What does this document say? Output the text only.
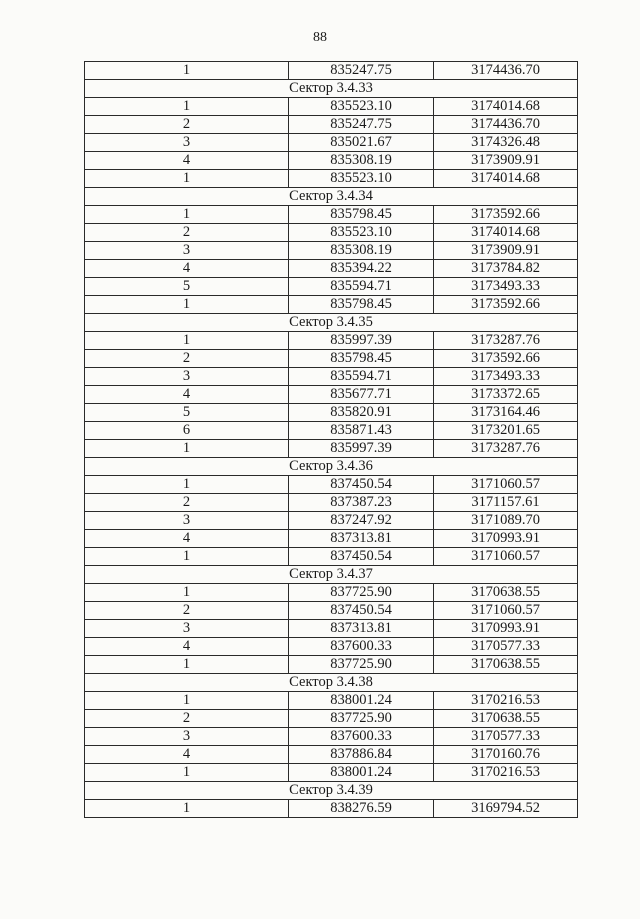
88
1	835247.75	3174436.70
Сектор 3.4.33		
1	835523.10	3174014.68
2	835247.75	3174436.70
3	835021.67	3174326.48
4	835308.19	3173909.91
1	835523.10	3174014.68
Сектор 3.4.34		
1	835798.45	3173592.66
2	835523.10	3174014.68
3	835308.19	3173909.91
4	835394.22	3173784.82
5	835594.71	3173493.33
1	835798.45	3173592.66
Сектор 3.4.35		
1	835997.39	3173287.76
2	835798.45	3173592.66
3	835594.71	3173493.33
4	835677.71	3173372.65
5	835820.91	3173164.46
6	835871.43	3173201.65
1	835997.39	3173287.76
Сектор 3.4.36		
1	837450.54	3171060.57
2	837387.23	3171157.61
3	837247.92	3171089.70
4	837313.81	3170993.91
1	837450.54	3171060.57
Сектор 3.4.37		
1	837725.90	3170638.55
2	837450.54	3171060.57
3	837313.81	3170993.91
4	837600.33	3170577.33
1	837725.90	3170638.55
Сектор 3.4.38		
1	838001.24	3170216.53
2	837725.90	3170638.55
3	837600.33	3170577.33
4	837886.84	3170160.76
1	838001.24	3170216.53
Сектор 3.4.39		
1	838276.59	3169794.52
